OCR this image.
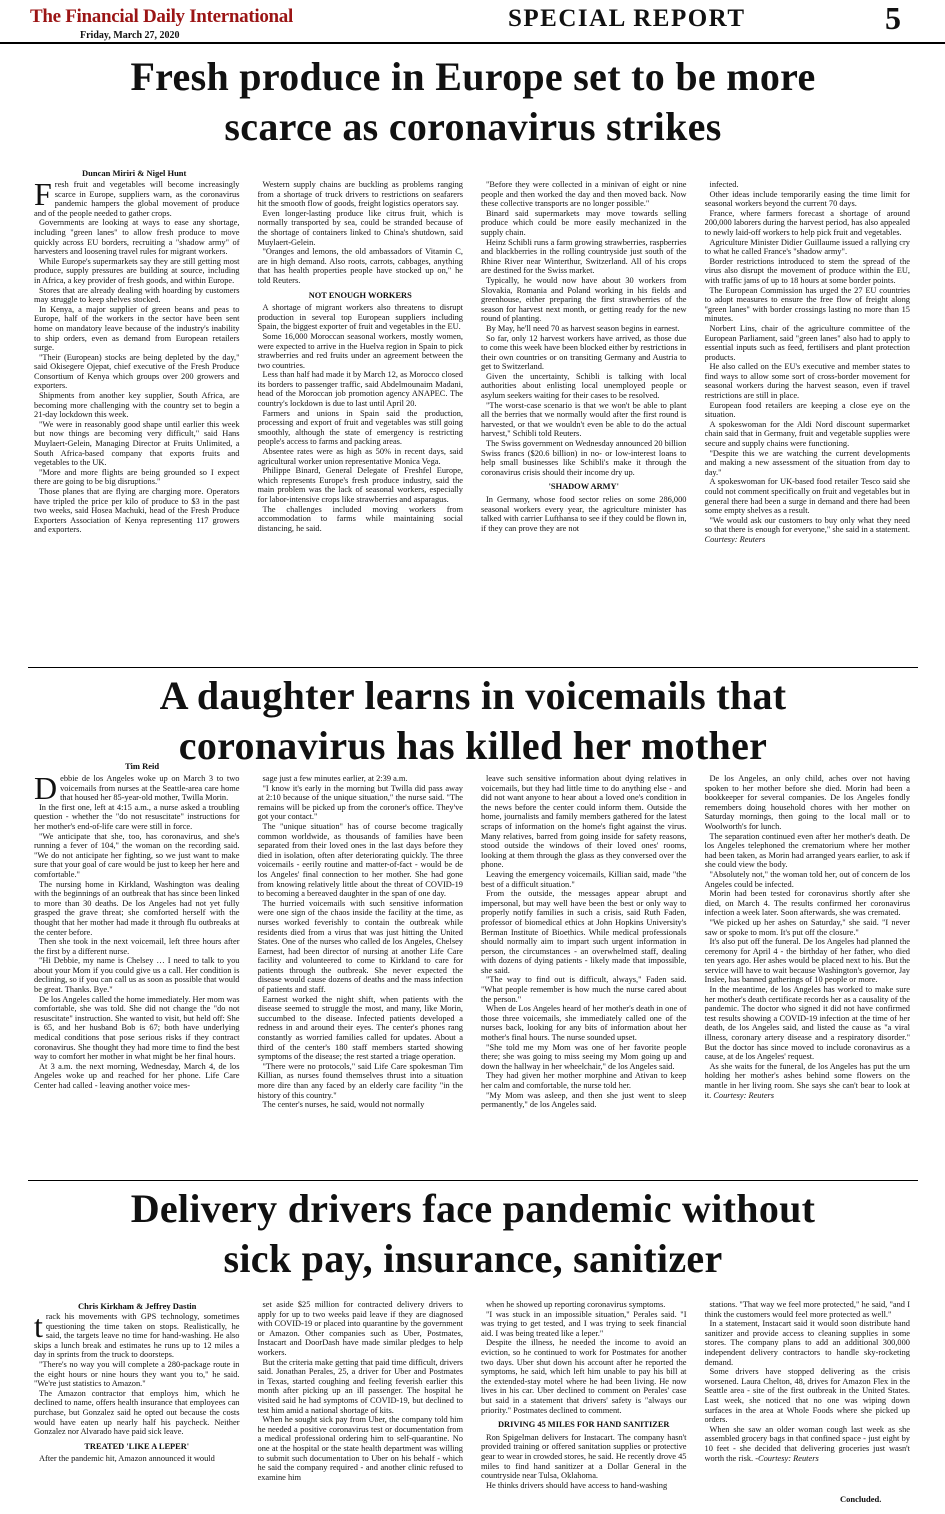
The Financial Daily International
Friday, March 27, 2020
SPECIAL REPORT	5
Fresh produce in Europe set to be more
scarce as coronavirus strikes
Duncan Miriri & Nigel Hunt

Fresh fruit and vegetables will become increasingly scarce in Europe, suppliers warn, as the coronavirus pandemic hampers the global movement of produce and of the people needed to gather crops.

Governments are looking at ways to ease any shortage, including "green lanes" to allow fresh produce to move quickly across EU borders, recruiting a "shadow army" of harvesters and loosening travel rules for migrant workers.

While Europe's supermarkets say they are still getting most produce, supply pressures are building at source, including in Africa, a key provider of fresh goods, and within Europe.

Stores that are already dealing with hoarding by customers may struggle to keep shelves stocked.

In Kenya, a major supplier of green beans and peas to Europe, half of the workers in the sector have been sent home on mandatory leave because of the industry's inability to ship orders, even as demand from European retailers surge.

"Their (European) stocks are being depleted by the day," said Okisegere Ojepat, chief executive of the Fresh Produce Consortium of Kenya which groups over 200 growers and exporters.

Shipments from another key supplier, South Africa, are becoming more challenging with the country set to begin a 21-day lockdown this week.

"We were in reasonably good shape until earlier this week but now things are becoming very difficult," said Hans Muylaert-Gelein, Managing Director at Fruits Unlimited, a South Africa-based company that exports fruits and vegetables to the UK.

"More and more flights are being grounded so I expect there are going to be big disruptions."

Those planes that are flying are charging more. Operators have tripled the price per kilo of produce to $3 in the past two weeks, said Hosea Machuki, head of the Fresh Produce Exporters Association of Kenya representing 117 growers and exporters.

Western supply chains are buckling as problems ranging from a shortage of truck drivers to restrictions on seafarers hit the smooth flow of goods, freight logistics operators say.

Even longer-lasting produce like citrus fruit, which is normally transported by sea, could be stranded because of the shortage of containers linked to China's shutdown, said Muylaert-Gelein.

"Oranges and lemons, the old ambassadors of Vitamin C, are in high demand. Also roots, carrots, cabbages, anything that has health properties people have stocked up on," he told Reuters.

NOT ENOUGH WORKERS

A shortage of migrant workers also threatens to disrupt production in several top European suppliers including Spain, the biggest exporter of fruit and vegetables in the EU.

Some 16,000 Moroccan seasonal workers, mostly women, were expected to arrive in the Huelva region in Spain to pick strawberries and red fruits under an agreement between the two countries.

Less than half had made it by March 12, as Morocco closed its borders to passenger traffic, said Abdelmounaim Madani, head of the Moroccan job promotion agency ANAPEC. The country's lockdown is due to last until April 20.

Farmers and unions in Spain said the production, processing and export of fruit and vegetables was still going smoothly, although the state of emergency is restricting people's access to farms and packing areas.

Absentee rates were as high as 50% in recent days, said agricultural worker union representative Monica Vega.

Philippe Binard, General Delegate of Freshfel Europe, which represents Europe's fresh produce industry, said the main problem was the lack of seasonal workers, especially for labor-intensive crops like strawberries and asparagus.

The challenges included moving workers from accommodation to farms while maintaining social distancing, he said.

"Before they were collected in a minivan of eight or nine people and then worked the day and then moved back. Now these collective transports are no longer possible."

Binard said supermarkets may move towards selling produce which could be more easily mechanized in the supply chain.

Heinz Schibli runs a farm growing strawberries, raspberries and blackberries in the rolling countryside just south of the Rhine River near Winterthur, Switzerland. All of his crops are destined for the Swiss market.

Typically, he would now have about 30 workers from Slovakia, Romania and Poland working in his fields and greenhouse, either preparing the first strawberries of the season for harvest next month, or getting ready for the new round of planting.

By May, he'll need 70 as harvest season begins in earnest.

So far, only 12 harvest workers have arrived, as those due to come this week have been blocked either by restrictions in their own countries or on transiting Germany and Austria to get to Switzerland.

Given the uncertainty, Schibli is talking with local authorities about enlisting local unemployed people or asylum seekers waiting for their cases to be resolved.

"The worst-case scenario is that we won't be able to plant all the berries that we normally would after the first round is harvested, or that we wouldn't even be able to do the actual harvest," Schibli told Reuters.

The Swiss government on Wednesday announced 20 billion Swiss francs ($20.6 billion) in no- or low-interest loans to help small businesses like Schibli's make it through the coronavirus crisis should their income dry up.

'SHADOW ARMY'

In Germany, whose food sector relies on some 286,000 seasonal workers every year, the agriculture minister has talked with carrier Lufthansa to see if they could be flown in, if they can prove they are not

infected.

Other ideas include temporarily easing the time limit for seasonal workers beyond the current 70 days.

France, where farmers forecast a shortage of around 200,000 laborers during the harvest period, has also appealed to newly laid-off workers to help pick fruit and vegetables.

Agriculture Minister Didier Guillaume issued a rallying cry to what he called France's "shadow army".

Border restrictions introduced to stem the spread of the virus also disrupt the movement of produce within the EU, with traffic jams of up to 18 hours at some border points.

The European Commission has urged the 27 EU countries to adopt measures to ensure the free flow of freight along "green lanes" with border crossings lasting no more than 15 minutes.

Norbert Lins, chair of the agriculture committee of the European Parliament, said "green lanes" also had to apply to essential inputs such as feed, fertilisers and plant protection products.

He also called on the EU's executive and member states to find ways to allow some sort of cross-border movement for seasonal workers during the harvest season, even if travel restrictions are still in place.

European food retailers are keeping a close eye on the situation.

A spokeswoman for the Aldi Nord discount supermarket chain said that in Germany, fruit and vegetable supplies were secure and supply chains were functioning.

"Despite this we are watching the current developments and making a new assessment of the situation from day to day."

A spokeswoman for UK-based food retailer Tesco said she could not comment specifically on fruit and vegetables but in general there had been a surge in demand and there had been some empty shelves as a result.

"We would ask our customers to buy only what they need so that there is enough for everyone," she said in a statement. Courtesy: Reuters

A daughter learns in voicemails that
coronavirus has killed her mother
Tim Reid

Debbie de los Angeles woke up on March 3 to two voicemails from nurses at the Seattle-area care home that housed her 85-year-old mother, Twilla Morin.

In the first one, left at 4:15 a.m., a nurse asked a troubling question - whether the "do not resuscitate" instructions for her mother's end-of-life care were still in force.

"We anticipate that she, too, has coronavirus, and she's running a fever of 104," the woman on the recording said. "We do not anticipate her fighting, so we just want to make sure that your goal of care would be just to keep her here and comfortable."

The nursing home in Kirkland, Washington was dealing with the beginnings of an outbreak that has since been linked to more than 30 deaths. De los Angeles had not yet fully grasped the grave threat; she comforted herself with the thought that her mother had made it through flu outbreaks at the center before.

Then she took in the next voicemail, left three hours after the first by a different nurse.

"Hi Debbie, my name is Chelsey … I need to talk to you about your Mom if you could give us a call. Her condition is declining, so if you can call us as soon as possible that would be great. Thanks. Bye."

De los Angeles called the home immediately. Her mom was comfortable, she was told. She did not change the "do not resuscitate" instruction. She wanted to visit, but held off: She is 65, and her husband Bob is 67; both have underlying medical conditions that pose serious risks if they contract coronavirus. She thought they had more time to find the best way to comfort her mother in what might be her final hours.

At 3 a.m. the next morning, Wednesday, March 4, de los Angeles woke up and reached for her phone. Life Care Center had called - leaving another voice mes-

sage just a few minutes earlier, at 2:39 a.m.

"I know it's early in the morning but Twilla did pass away at 2:10 because of the unique situation," the nurse said. "The remains will be picked up from the coroner's office. They've got your contact."

The "unique situation" has of course become tragically common worldwide, as thousands of families have been separated from their loved ones in the last days before they died in isolation, often after deteriorating quickly. The three voicemails - eerily routine and matter-of-fact - would be de los Angeles' final connection to her mother. She had gone from knowing relatively little about the threat of COVID-19 to becoming a bereaved daughter in the span of one day.

The hurried voicemails with such sensitive information were one sign of the chaos inside the facility at the time, as nurses worked feverishly to contain the outbreak while residents died from a virus that was just hitting the United States. One of the nurses who called de los Angeles, Chelsey Earnest, had been director of nursing at another Life Care facility and volunteered to come to Kirkland to care for patients through the outbreak. She never expected the disease would cause dozens of deaths and the mass infection of patients and staff.

Earnest worked the night shift, when patients with the disease seemed to struggle the most, and many, like Morin, succumbed to the disease. Infected patients developed a redness in and around their eyes. The center's phones rang constantly as worried families called for updates. About a third of the center's 180 staff members started showing symptoms of the disease; the rest started a triage operation.

"There were no protocols," said Life Care spokesman Tim Killian, as nurses found themselves thrust into a situation more dire than any faced by an elderly care facility "in the history of this country."

The center's nurses, he said, would not normally

leave such sensitive information about dying relatives in voicemails, but they had little time to do anything else - and did not want anyone to hear about a loved one's condition in the news before the center could inform them. Outside the home, journalists and family members gathered for the latest scraps of information on the home's fight against the virus. Many relatives, barred from going inside for safety reasons, stood outside the windows of their loved ones' rooms, looking at them through the glass as they conversed over the phone.

Leaving the emergency voicemails, Killian said, made "the best of a difficult situation."

From the outside, the messages appear abrupt and impersonal, but may well have been the best or only way to properly notify families in such a crisis, said Ruth Faden, professor of biomedical ethics at John Hopkins University's Berman Institute of Bioethics. While medical professionals should normally aim to impart such urgent information in person, the circumstances - an overwhelmed staff, dealing with dozens of dying patients - likely made that impossible, she said.

"The way to find out is difficult, always," Faden said. "What people remember is how much the nurse cared about the person."

When de Los Angeles heard of her mother's death in one of those three voicemails, she immediately called one of the nurses back, looking for any bits of information about her mother's final hours. The nurse sounded upset.

"She told me my Mom was one of her favorite people there; she was going to miss seeing my Mom going up and down the hallway in her wheelchair," de los Angeles said.

They had given her mother morphine and Ativan to keep her calm and comfortable, the nurse told her.

"My Mom was asleep, and then she just went to sleep permanently," de los Angeles said.

De los Angeles, an only child, aches over not having spoken to her mother before she died. Morin had been a bookkeeper for several companies. De los Angeles fondly remembers doing household chores with her mother on Saturday mornings, then going to the local mall or to Woolworth's for lunch.

The separation continued even after her mother's death. De los Angeles telephoned the crematorium where her mother had been taken, as Morin had arranged years earlier, to ask if she could view the body.

"Absolutely not," the woman told her, out of concern de los Angeles could be infected.

Morin had been tested for coronavirus shortly after she died, on March 4. The results confirmed her coronavirus infection a week later. Soon afterwards, she was cremated.

"We picked up her ashes on Saturday," she said. "I never saw or spoke to mom. It's put off the closure."

It's also put off the funeral. De los Angeles had planned the ceremony for April 4 - the birthday of her father, who died ten years ago. Her ashes would be placed next to his. But the service will have to wait because Washington's governor, Jay Inslee, has banned gatherings of 10 people or more.

In the meantime, de los Angeles has worked to make sure her mother's death certificate records her as a causality of the pandemic. The doctor who signed it did not have confirmed test results showing a COVID-19 infection at the time of her death, de los Angeles said, and listed the cause as "a viral illness, coronary artery disease and a respiratory disorder." But the doctor has since moved to include coronavirus as a cause, at de los Angeles' request.

As she waits for the funeral, de los Angeles has put the urn holding her mother's ashes behind some flowers on the mantle in her living room. She says she can't bear to look at it. Courtesy: Reuters

Delivery drivers face pandemic without
sick pay, insurance, sanitizer
Chris Kirkham & Jeffrey Dastin

track his movements with GPS technology, sometimes questioning the time taken on stops. Realistically, he said, the targets leave no time for hand-washing. He also skips a lunch break and estimates he runs up to 12 miles a day in sprints from the truck to doorsteps.

"There's no way you will complete a 280-package route in the eight hours or nine hours they want you to," he said. "We're just statistics to Amazon."

The Amazon contractor that employs him, which he declined to name, offers health insurance that employees can purchase, but Gonzalez said he opted out because the costs would have eaten up nearly half his paycheck. Neither Gonzalez nor Alvarado have paid sick leave.

TREATED 'LIKE A LEPER'

After the pandemic hit, Amazon announced it would

set aside $25 million for contracted delivery drivers to apply for up to two weeks paid leave if they are diagnosed with COVID-19 or placed into quarantine by the government or Amazon. Other companies such as Uber, Postmates, Instacart and DoorDash have made similar pledges to help workers.

But the criteria make getting that paid time difficult, drivers said. Jonathan Perales, 25, a driver for Uber and Postmates in Texas, started coughing and feeling feverish earlier this month after picking up an ill passenger. The hospital he visited said he had symptoms of COVID-19, but declined to test him amid a national shortage of kits.

When he sought sick pay from Uber, the company told him he needed a positive coronavirus test or documentation from a medical professional ordering him to self-quarantine. No one at the hospital or the state health department was willing to submit such documentation to Uber on his behalf - which he said the company required - and another clinic refused to examine him

when he showed up reporting coronavirus symptoms.

"I was stuck in an impossible situation," Perales said. "I was trying to get tested, and I was trying to seek financial aid. I was being treated like a leper."

Despite the illness, he needed the income to avoid an eviction, so he continued to work for Postmates for another two days. Uber shut down his account after he reported the symptoms, he said, which left him unable to pay his bill at the extended-stay motel where he had been living. He now lives in his car. Uber declined to comment on Perales' case but said in a statement that drivers' safety is "always our priority." Postmates declined to comment.

DRIVING 45 MILES FOR HAND SANITIZER

Ron Spigelman delivers for Instacart. The company hasn't provided training or offered sanitation supplies or protective gear to wear in crowded stores, he said. He recently drove 45 miles to find hand sanitizer at a Dollar General in the countryside near Tulsa, Oklahoma.

He thinks drivers should have access to hand-washing

stations. "That way we feel more protected," he said, "and I think the customers would feel more protected as well."

In a statement, Instacart said it would soon distribute hand sanitizer and provide access to cleaning supplies in some stores. The company plans to add an additional 300,000 independent delivery contractors to handle sky-rocketing demand.

Some drivers have stopped delivering as the crisis worsened. Laura Chelton, 48, drives for Amazon Flex in the Seattle area - site of the first outbreak in the United States. Last week, she noticed that no one was wiping down surfaces in the area at Whole Foods where she picked up orders.

When she saw an older woman cough last week as she assembled grocery bags in that confined space - just eight by 10 feet - she decided that delivering groceries just wasn't worth the risk. -Courtesy: Reuters

Concluded.
